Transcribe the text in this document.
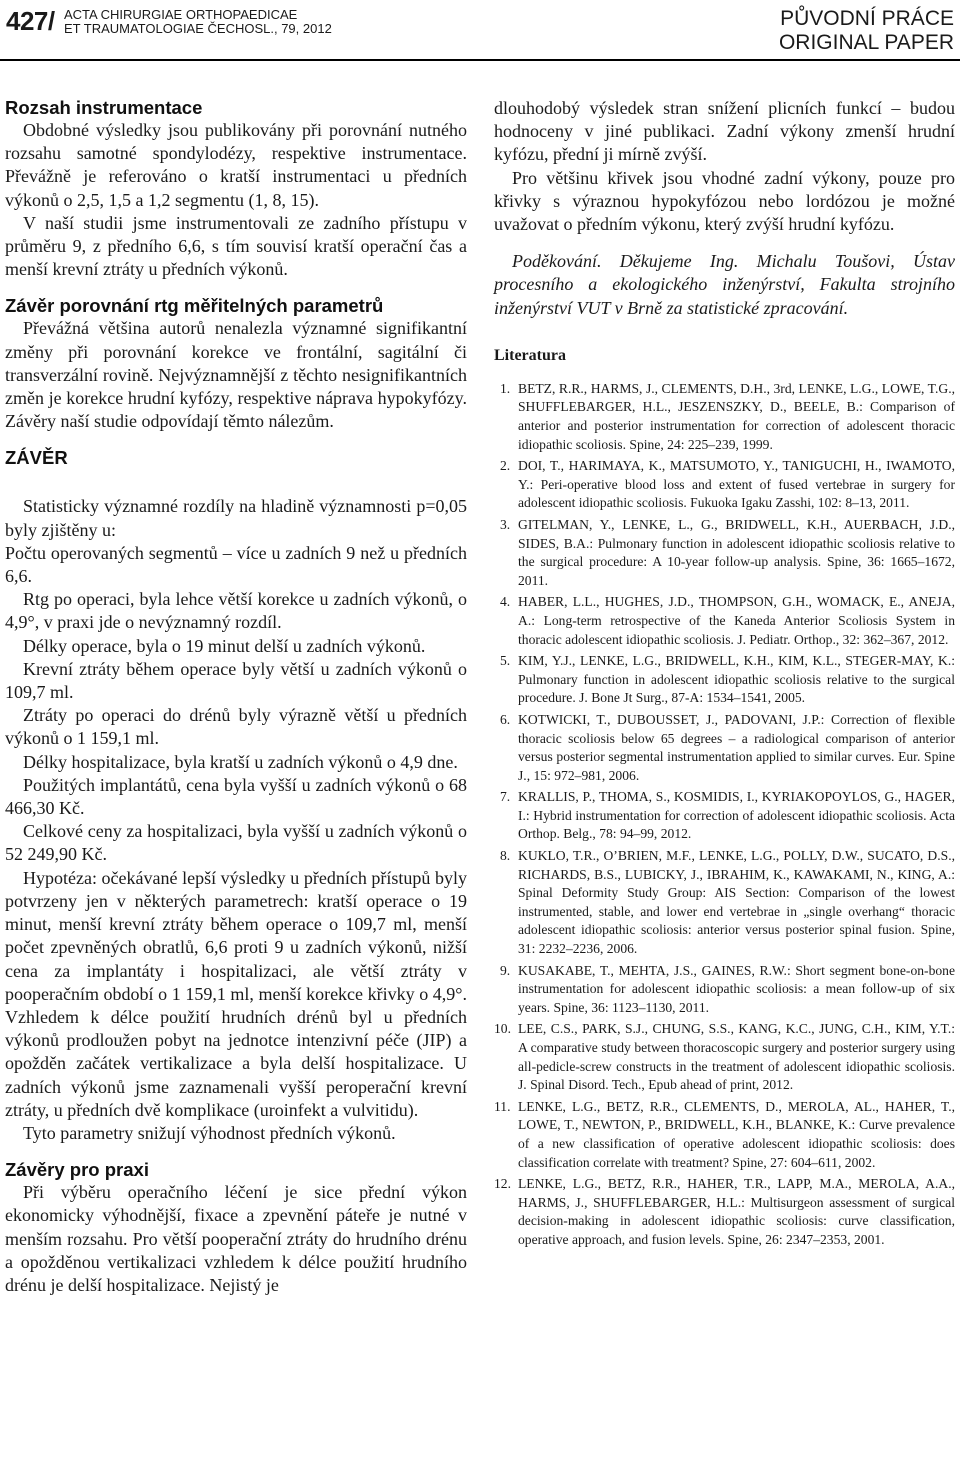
427/ ACTA CHIRURGIAE ORTHOPAEDICAE
ET TRAUMATOLOGIAE ČECHOSL., 79, 2012	PŮVODNÍ PRÁCE
ORIGINAL PAPER
Rozsah instrumentace

Obdobné výsledky jsou publikovány při porovnání nutného rozsahu samotné spondylodézy, respektive instrumentace. Převážně je referováno o kratší instrumentaci u předních výkonů o 2,5, 1,5 a 1,2 segmentu (1, 8, 15).

V naší studii jsme instrumentovali ze zadního přístupu v průměru 9, z předního 6,6, s tím souvisí kratší operační čas a menší krevní ztráty u předních výkonů.

Závěr porovnání rtg měřitelných parametrů

Převážná většina autorů nenalezla významné signifikantní změny při porovnání korekce ve frontální, sagitální či transverzální rovině. Nejvýznamnější z těchto nesignifikantních změn je korekce hrudní kyfózy, respektive náprava hypokyfózy. Závěry naší studie odpovídají těmto nálezům.

ZÁVĚR

Statisticky významné rozdíly na hladině významnosti p=0,05 byly zjištěny u:

Počtu operovaných segmentů – více u zadních 9 než u předních 6,6.

Rtg po operaci, byla lehce větší korekce u zadních výkonů, o 4,9°, v praxi jde o nevýznamný rozdíl.

Délky operace, byla o 19 minut delší u zadních výkonů.

Krevní ztráty během operace byly větší u zadních výkonů o 109,7 ml.

Ztráty po operaci do drénů byly výrazně větší u předních výkonů o 1 159,1 ml.

Délky hospitalizace, byla kratší u zadních výkonů o 4,9 dne.

Použitých implantátů, cena byla vyšší u zadních výkonů o 68 466,30 Kč.

Celkové ceny za hospitalizaci, byla vyšší u zadních výkonů o 52 249,90 Kč.

Hypotéza: očekávané lepší výsledky u předních přístupů byly potvrzeny jen v některých parametrech: kratší operace o 19 minut, menší krevní ztráty během operace o 109,7 ml, menší počet zpevněných obratlů, 6,6 proti 9 u zadních výkonů, nižší cena za implantáty i hospitalizaci, ale větší ztráty v pooperačním období o 1 159,1 ml, menší korekce křivky o 4,9°. Vzhledem k délce použití hrudních drénů byl u předních výkonů prodloužen pobyt na jednotce intenzivní péče (JIP) a opožděn začátek vertikalizace a byla delší hospitalizace. U zadních výkonů jsme zaznamenali vyšší peroperační krevní ztráty, u předních dvě komplikace (uroinfekt a vulvitidu).

Tyto parametry snižují výhodnost předních výkonů.

Závěry pro praxi

Při výběru operačního léčení je sice přední výkon ekonomicky výhodnější, fixace a zpevnění páteře je nutné v menším rozsahu. Pro větší pooperační ztráty do hrudního drénu a opožděnou vertikalizaci vzhledem k délce použití hrudního drénu je delší hospitalizace. Nejistý je

dlouhodobý výsledek stran snížení plicních funkcí – budou hodnoceny v jiné publikaci. Zadní výkony zmenší hrudní kyfózu, přední ji mírně zvýší.

Pro většinu křivek jsou vhodné zadní výkony, pouze pro křivky s výraznou hypokyfózou nebo lordózou je možné uvažovat o předním výkonu, který zvýší hrudní kyfózu.

Poděkování. Děkujeme Ing. Michalu Toušovi, Ústav procesního a ekologického inženýrství, Fakulta strojního inženýrství VUT v Brně za statistické zpracování.

Literatura
1. BETZ, R.R., HARMS, J., CLEMENTS, D.H., 3rd, LENKE, L.G., LOWE, T.G., SHUFFLEBARGER, H.L., JESZENSZKY, D., BEELE, B.: Comparison of anterior and posterior instrumentation for correction of adolescent thoracic idiopathic scoliosis. Spine, 24: 225–239, 1999.
2. DOI, T., HARIMAYA, K., MATSUMOTO, Y., TANIGUCHI, H., IWAMOTO, Y.: Peri-operative blood loss and extent of fused vertebrae in surgery for adolescent idiopathic scoliosis. Fukuoka Igaku Zasshi, 102: 8–13, 2011.
3. GITELMAN, Y., LENKE, L., G., BRIDWELL, K.H., AUERBACH, J.D., SIDES, B.A.: Pulmonary function in adolescent idiopathic scoliosis relative to the surgical procedure: A 10-year follow-up analysis. Spine, 36: 1665–1672, 2011.
4. HABER, L.L., HUGHES, J.D., THOMPSON, G.H., WOMACK, E., ANEJA, A.: Long-term retrospective of the Kaneda Anterior Scoliosis System in thoracic adolescent idiopathic scoliosis. J. Pediatr. Orthop., 32: 362–367, 2012.
5. KIM, Y.J., LENKE, L.G., BRIDWELL, K.H., KIM, K.L., STEGER-MAY, K.: Pulmonary function in adolescent idiopathic scoliosis relative to the surgical procedure. J. Bone Jt Surg., 87-A: 1534–1541, 2005.
6. KOTWICKI, T., DUBOUSSET, J., PADOVANI, J.P.: Correction of flexible thoracic scoliosis below 65 degrees – a radiological comparison of anterior versus posterior segmental instrumentation applied to similar curves. Eur. Spine J., 15: 972–981, 2006.
7. KRALLIS, P., THOMA, S., KOSMIDIS, I., KYRIAKOPOYLOS, G., HAGER, I.: Hybrid instrumentation for correction of adolescent idiopathic scoliosis. Acta Orthop. Belg., 78: 94–99, 2012.
8. KUKLO, T.R., O’BRIEN, M.F., LENKE, L.G., POLLY, D.W., SUCATO, D.S., RICHARDS, B.S., LUBICKY, J., IBRAHIM, K., KAWAKAMI, N., KING, A.: Spinal Deformity Study Group: AIS Section: Comparison of the lowest instrumented, stable, and lower end vertebrae in „single overhang“ thoracic adolescent idiopathic scoliosis: anterior versus posterior spinal fusion. Spine, 31: 2232–2236, 2006.
9. KUSAKABE, T., MEHTA, J.S., GAINES, R.W.: Short segment bone-on-bone instrumentation for adolescent idiopathic scoliosis: a mean follow-up of six years. Spine, 36: 1123–1130, 2011.
10. LEE, C.S., PARK, S.J., CHUNG, S.S., KANG, K.C., JUNG, C.H., KIM, Y.T.: A comparative study between thoracoscopic surgery and posterior surgery using all-pedicle-screw constructs in the treatment of adolescent idiopathic scoliosis. J. Spinal Disord. Tech., Epub ahead of print, 2012.
11. LENKE, L.G., BETZ, R.R., CLEMENTS, D., MEROLA, AL., HAHER, T., LOWE, T., NEWTON, P., BRIDWELL, K.H., BLANKE, K.: Curve prevalence of a new classification of operative adolescent idiopathic scoliosis: does classification correlate with treatment? Spine, 27: 604–611, 2002.
12. LENKE, L.G., BETZ, R.R., HAHER, T.R., LAPP, M.A., MEROLA, A.A., HARMS, J., SHUFFLEBARGER, H.L.: Multisurgeon assessment of surgical decision-making in adolescent idiopathic scoliosis: curve classification, operative approach, and fusion levels. Spine, 26: 2347–2353, 2001.
